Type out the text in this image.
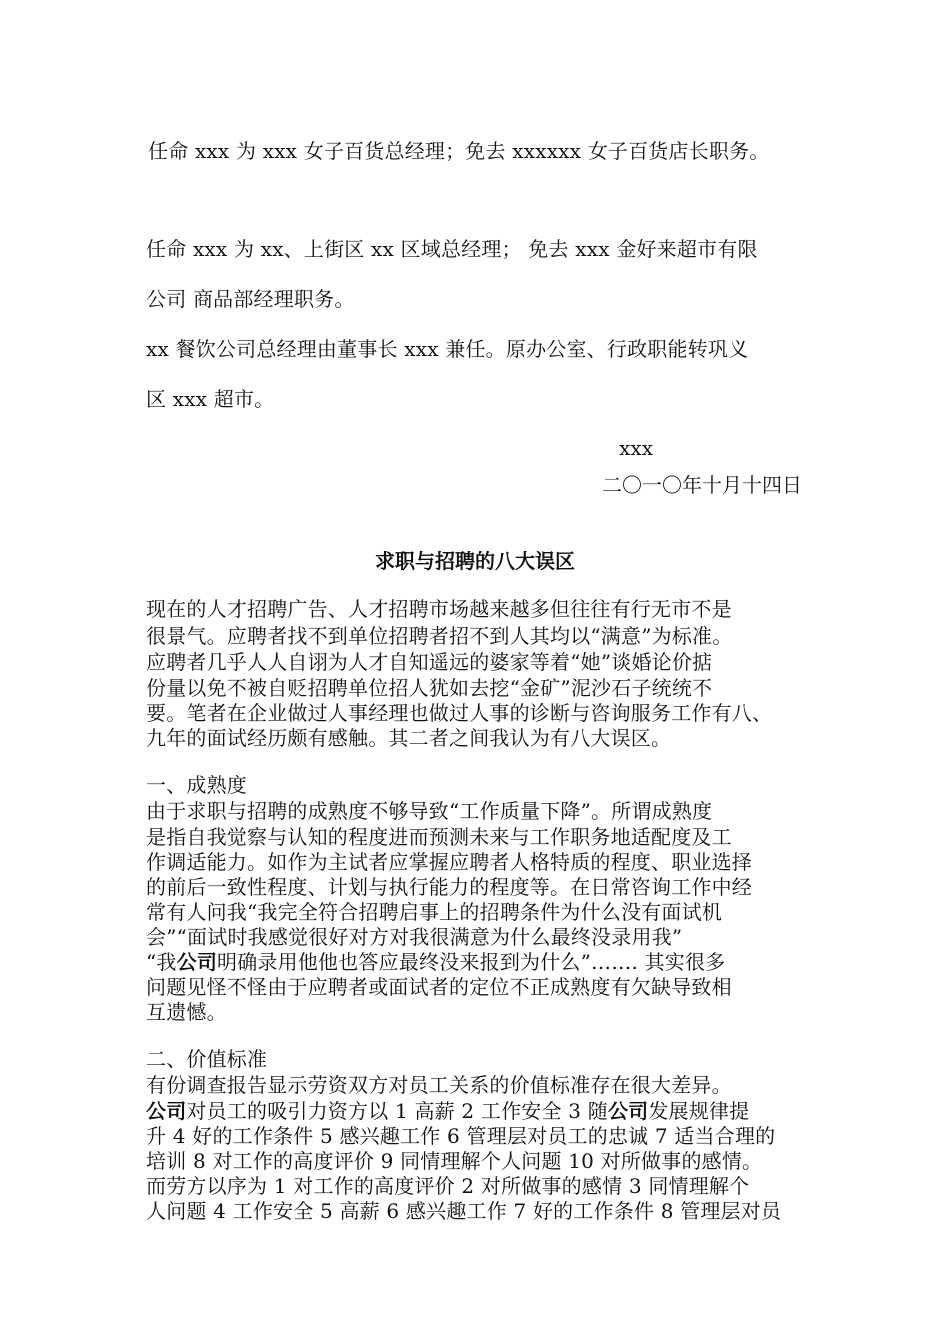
任命 xxx 为 xxx 女子百货总经理；免去 xxxxxx 女子百货店长职务。
任命 xxx 为 xx、上街区 xx 区域总经理； 免去 xxx 金好来超市有限
公司 商品部经理职务。
xx 餐饮公司总经理由董事长 xxx 兼任。原办公室、行政职能转巩义
区 xxx 超市。
xxx
二〇一〇年十月十四日
求职与招聘的八大误区
现在的人才招聘广告、人才招聘市场越来越多但往往有行无市不是
很景气。应聘者找不到单位招聘者招不到人其均以“满意”为标准。
应聘者几乎人人自诩为人才自知遥远的婆家等着“她”谈婚论价掂
份量以免不被自贬招聘单位招人犹如去挖“金矿”泥沙石子统统不
要。笔者在企业做过人事经理也做过人事的诊断与咨询服务工作有八、
九年的面试经历颇有感触。其二者之间我认为有八大误区。
一、成熟度
由于求职与招聘的成熟度不够导致“工作质量下降”。所谓成熟度
是指自我觉察与认知的程度进而预测未来与工作职务地适配度及工
作调适能力。如作为主试者应掌握应聘者人格特质的程度、职业选择
的前后一致性程度、计划与执行能力的程度等。在日常咨询工作中经
常有人问我“我完全符合招聘启事上的招聘条件为什么没有面试机
会”“面试时我感觉很好对方对我很满意为什么最终没录用我”
“我公司明确录用他他也答应最终没来报到为什么”……. 其实很多
问题见怪不怪由于应聘者或面试者的定位不正成熟度有欠缺导致相
互遗憾。
二、价值标准
有份调查报告显示劳资双方对员工关系的价值标准存在很大差异。
公司对员工的吸引力资方以 1 高薪 2 工作安全 3 随公司发展规律提
升 4 好的工作条件 5 感兴趣工作 6 管理层对员工的忠诚 7 适当合理的
培训 8 对工作的高度评价 9 同情理解个人问题 10 对所做事的感情。
而劳方以序为 1 对工作的高度评价 2 对所做事的感情 3 同情理解个
人问题 4 工作安全 5 高薪 6 感兴趣工作 7 好的工作条件 8 管理层对员
